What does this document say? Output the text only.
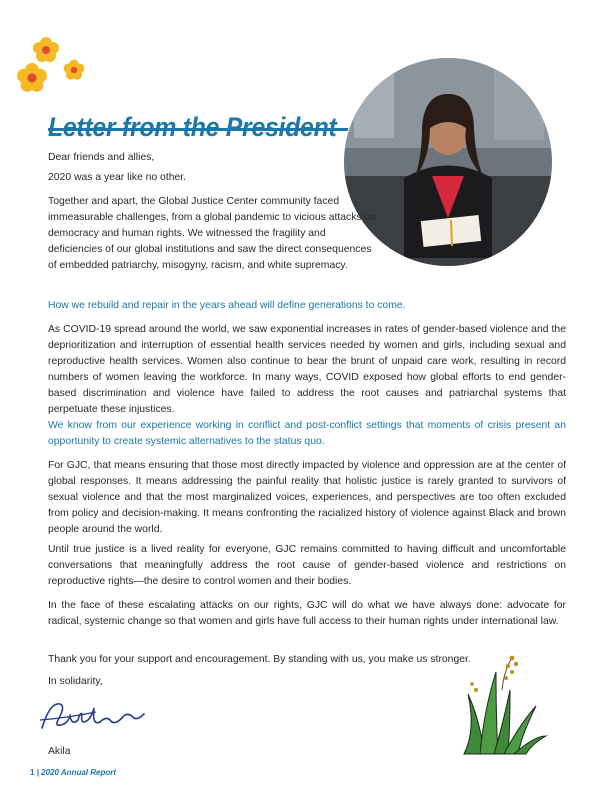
Dear friends and allies,

2020 was a year like no other.

Together and apart, the Global Justice Center community faced immeasurable challenges, from a global pandemic to vicious attacks on democracy and human rights. We witnessed the fragility and deficiencies of our global institutions and saw the direct consequences of embedded patriarchy, misogyny, racism, and white supremacy.

How we rebuild and repair in the years ahead will define generations to come.

As COVID-19 spread around the world, we saw exponential increases in rates of gender-based violence and the deprioritization and interruption of essential health services needed by women and girls, including sexual and reproductive health services. Women also continue to bear the brunt of unpaid care work, resulting in record numbers of women leaving the workforce. In many ways, COVID exposed how global efforts to end gender-based discrimination and violence have failed to address the root causes and patriarchal systems that perpetuate these injustices.

We know from our experience working in conflict and post-conflict settings that moments of crisis present an opportunity to create systemic alternatives to the status quo.

For GJC, that means ensuring that those most directly impacted by violence and oppression are at the center of global responses. It means addressing the painful reality that holistic justice is rarely granted to survivors of sexual violence and that the most marginalized voices, experiences, and perspectives are too often excluded from policy and decision-making. It means confronting the racialized history of violence against Black and brown people around the world.

Until true justice is a lived reality for everyone, GJC remains committed to having difficult and uncomfortable conversations that meaningfully address the root cause of gender-based violence and restrictions on reproductive rights—the desire to control women and their bodies.

In the face of these escalating attacks on our rights, GJC will do what we have always done: advocate for radical, systemic change so that women and girls have full access to their human rights under international law.

Thank you for your support and encouragement. By standing with us, you make us stronger.

In solidarity,

Akila

1 | 2020 Annual Report
